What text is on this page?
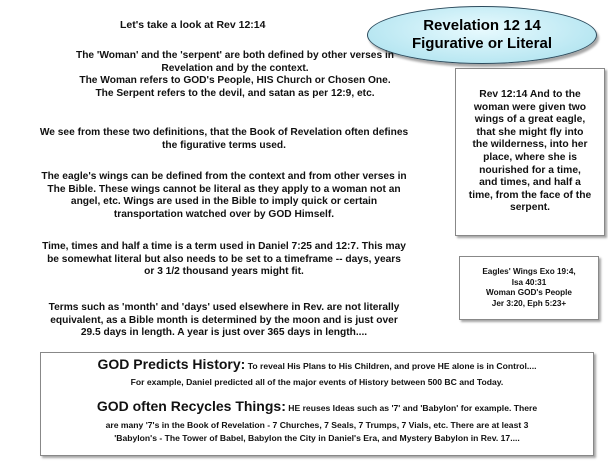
Let's take a look at Rev 12:14	Revelation 12 14
Figurative or Literal
The 'Woman' and the 'serpent' are both defined by other verses in
Revelation and by the context.
The Woman refers to GOD's People, HIS Church or Chosen One.
The Serpent refers to the devil, and satan as per 12:9, etc.
We see from these two definitions, that the Book of Revelation often defines
the figurative terms used.
The eagle's wings can be defined from the context and from other verses in
The Bible. These wings cannot be literal as they apply to a woman not an
angel, etc. Wings are used in the Bible to imply quick or certain
transportation watched over by GOD Himself.
Time, times and half a time is a term used in Daniel 7:25 and 12:7. This may
be somewhat literal but also needs to be set to a timeframe -- days, years
or 3 1/2 thousand years might fit.
Terms such as 'month' and 'days' used elsewhere in Rev. are not literally
equivalent, as a Bible month is determined by the moon and is just over
29.5 days in length. A year is just over 365 days in length....
Rev 12:14 And to the
woman were given two
wings of a great eagle,
that she might fly into
the wilderness, into her
place, where she is
nourished for a time,
and times, and half a
time, from the face of the
serpent.
Eagles' Wings Exo 19:4,
Isa 40:31
Woman GOD's People
Jer 3:20, Eph 5:23+
GOD Predicts History: To reveal His Plans to His Children, and prove HE alone is in Control....
For example, Daniel predicted all of the major events of History between 500 BC and Today.
GOD often Recycles Things: HE reuses Ideas such as '7' and 'Babylon' for example. There
are many '7's in the Book of Revelation - 7 Churches, 7 Seals, 7 Trumps, 7 Vials, etc. There are at least 3
'Babylon's - The Tower of Babel, Babylon the City in Daniel's Era, and Mystery Babylon in Rev. 17....
